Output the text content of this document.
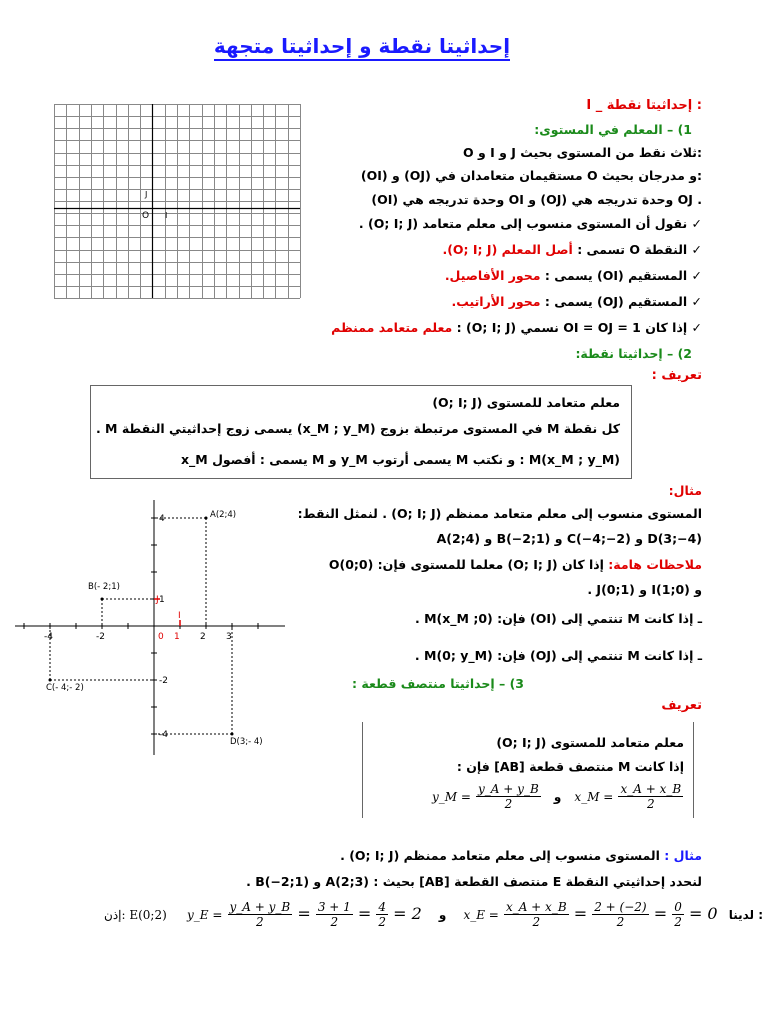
إحداثيتا نقطة و إحداثيتا متجهة
J
O I
I _ إحداثيتا نقطة :
1) – المعلم في المستوى:
O و I و J ثلاث نقط من المستوى بحيث:
(OI) و (OJ) مستقيمان متعامدان في O و مدرجان بحيث:
(OI) وحدة تدريجه هي OI و (OJ) وحدة تدريجه هي OJ .
✓ نقول أن المستوى منسوب إلى معلم متعامد (O; I; J) .
✓ النقطة O تسمى : أصل المعلم (O; I; J).
✓ المستقيم (OI) يسمى : محور الأفاصيل.
✓ المستقيم (OJ) يسمى : محور الأراتيب.
✓ إذا كان OI = OJ = 1 نسمي (O; I; J) : معلم متعامد ممنظم
2) – إحداثيتا نقطة:
تعريف :
(O; I; J) معلم متعامد للمستوى
كل نقطة M في المستوى مرتبطة بزوج (x_M ; y_M) يسمى زوج إحداثيتي النقطة M .
x_M يسمى : أفصول M و y_M يسمى أرتوب M و نكتب : M(x_M ; y_M)
مثال:
المستوى منسوب إلى معلم متعامد ممنظم (O; I; J) . لنمثل النقط:
A(2;4) و B(−2;1) و C(−4;−2) و D(3;−4)
ملاحظات هامة: إذا كان (O; I; J) معلما للمستوى فإن: O(0;0)
و I(1;0) و J(0;1) .
ـ إذا كانت M تنتمي إلى (OI) فإن: M(x_M ;0) .
ـ إذا كانت M تنتمي إلى (OJ) فإن: M(0; y_M) .
-4	-2	0 1 2 3
4
1
-2
-4
I
J
A(2;4)
B(- 2;1)
C(- 4;- 2)
D(3;- 4)
3) – إحداثيتا منتصف قطعة :
تعريف
(O; I; J) معلم متعامد للمستوى
إذا كانت M منتصف قطعة [AB] فإن :
y_M = $\frac{y\_A + y\_B}{2}$ و x_M = $\frac{x\_A + x\_B}{2}$
مثال : المستوى منسوب إلى معلم متعامد ممنظم (O; I; J) .
لنحدد إحداثيتي النقطة E منتصف القطعة [AB] بحيث : A(2;3) و B(−2;1) .
إذن: E(0;2) y_E = $\frac{y\_A + y\_B}{2} = \frac{3 + 1}{2} = \frac{4}{2} = 2$ و x_E = $\frac{x\_A + x\_B}{2} = \frac{2 + (-2)}{2} = \frac{0}{2} = 0$ لدينا :
